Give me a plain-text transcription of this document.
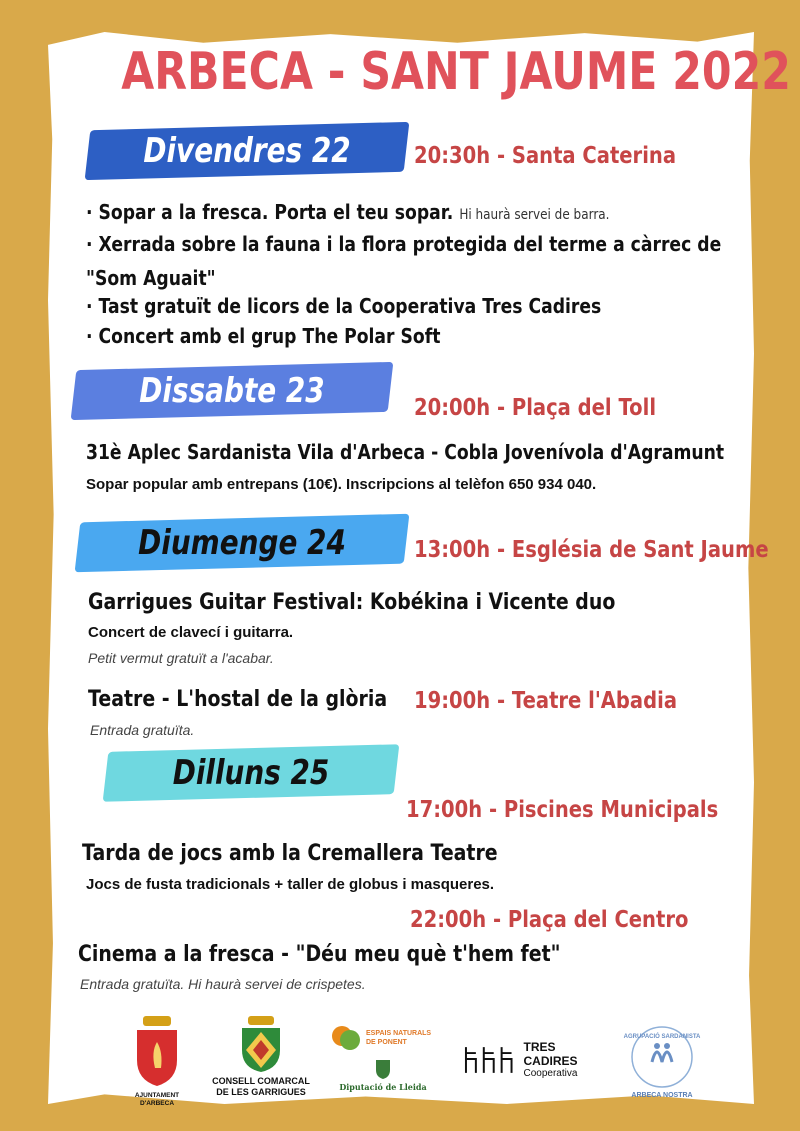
ARBECA - SANT JAUME 2022
Divendres 22	20:30h - Santa Caterina
· Sopar a la fresca. Porta el teu sopar. Hi haurà servei de barra.
· Xerrada sobre la fauna i la flora protegida del terme a càrrec de
"Som Aguait"
· Tast gratuït de licors de la Cooperativa Tres Cadires
· Concert amb el grup The Polar Soft
Dissabte 23	20:00h - Plaça del Toll
31è Aplec Sardanista Vila d'Arbeca - Cobla Jovenívola d'Agramunt
Sopar popular amb entrepans (10€). Inscripcions al telèfon 650 934 040.
Diumenge 24	13:00h - Església de Sant Jaume
Garrigues Guitar Festival: Kobékina i Vicente duo
Concert de clavecí i guitarra.
Petit vermut gratuït a l'acabar.
Teatre - L'hostal de la glòria 19:00h - Teatre l'Abadia
Entrada gratuïta.
Dilluns 25
17:00h - Piscines Municipals
Tarda de jocs amb la Cremallera Teatre
Jocs de fusta tradicionals + taller de globus i masqueres.
22:00h - Plaça del Centro
Cinema a la fresca - "Déu meu què t'hem fet"
Entrada gratuïta. Hi haurà servei de crispetes.
AJUNTAMENT D'ARBECA
CONSELL COMARCAL DE LES GARRIGUES
ESPAIS NATURALS DE PONENT
Diputació de Lleida
TRES CADIRES
Cooperativa
AGRUPACIÓ SARDANISTA
ARBECA NOSTRA
